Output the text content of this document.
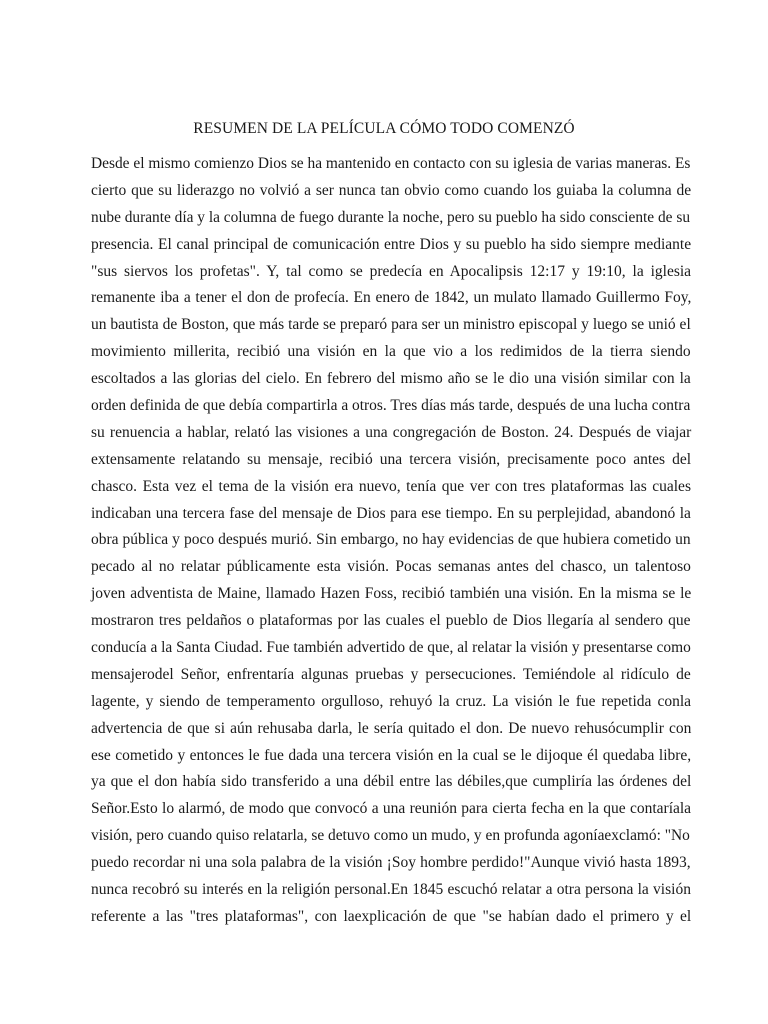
RESUMEN DE LA PELÍCULA CÓMO TODO COMENZÓ
Desde el mismo comienzo Dios se ha mantenido en contacto con su iglesia de varias maneras. Es
cierto que su liderazgo no volvió a ser nunca tan obvio como cuando los guiaba la columna de
nube durante día y la columna de fuego durante la noche, pero su pueblo ha sido consciente de su
presencia. El canal principal de comunicación entre Dios y su pueblo ha sido siempre mediante
"sus siervos los profetas". Y, tal como se predecía en Apocalipsis 12:17 y 19:10, la iglesia
remanente iba a tener el don de profecía. En enero de 1842, un mulato llamado Guillermo Foy,
un bautista de Boston, que más tarde se preparó para ser un ministro episcopal y luego se unió el
movimiento millerita, recibió una visión en la que vio a los redimidos de la tierra siendo
escoltados a las glorias del cielo. En febrero del mismo año se le dio una visión similar con la
orden definida de que debía compartirla a otros. Tres días más tarde, después de una lucha contra
su renuencia a hablar, relató las visiones a una congregación de Boston. 24. Después de viajar
extensamente relatando su mensaje, recibió una tercera visión, precisamente poco antes del
chasco. Esta vez el tema de la visión era nuevo, tenía que ver con tres plataformas las cuales
indicaban una tercera fase del mensaje de Dios para ese tiempo. En su perplejidad, abandonó la
obra pública y poco después murió. Sin embargo, no hay evidencias de que hubiera cometido un
pecado al no relatar públicamente esta visión. Pocas semanas antes del chasco, un talentoso
joven adventista de Maine, llamado Hazen Foss, recibió también una visión. En la misma se le
mostraron tres peldaños o plataformas por las cuales el pueblo de Dios llegaría al sendero que
conducía a la Santa Ciudad. Fue también advertido de que, al relatar la visión y presentarse como
mensajerodel Señor, enfrentaría algunas pruebas y persecuciones. Temiéndole al ridículo de
lagente, y siendo de temperamento orgulloso, rehuyó la cruz. La visión le fue repetida conla
advertencia de que si aún rehusaba darla, le sería quitado el don. De nuevo rehusócumplir con
ese cometido y entonces le fue dada una tercera visión en la cual se le dijoque él quedaba libre,
ya que el don había sido transferido a una débil entre las débiles,que cumpliría las órdenes del
Señor.Esto lo alarmó, de modo que convocó a una reunión para cierta fecha en la que contaríala
visión, pero cuando quiso relatarla, se detuvo como un mudo, y en profunda agoníaexclamó: "No
puedo recordar ni una sola palabra de la visión ¡Soy hombre perdido!"Aunque vivió hasta 1893,
nunca recobró su interés en la religión personal.En 1845 escuchó relatar a otra persona la visión
referente a las "tres plataformas", con laexplicación de que "se habían dado el primero y el
